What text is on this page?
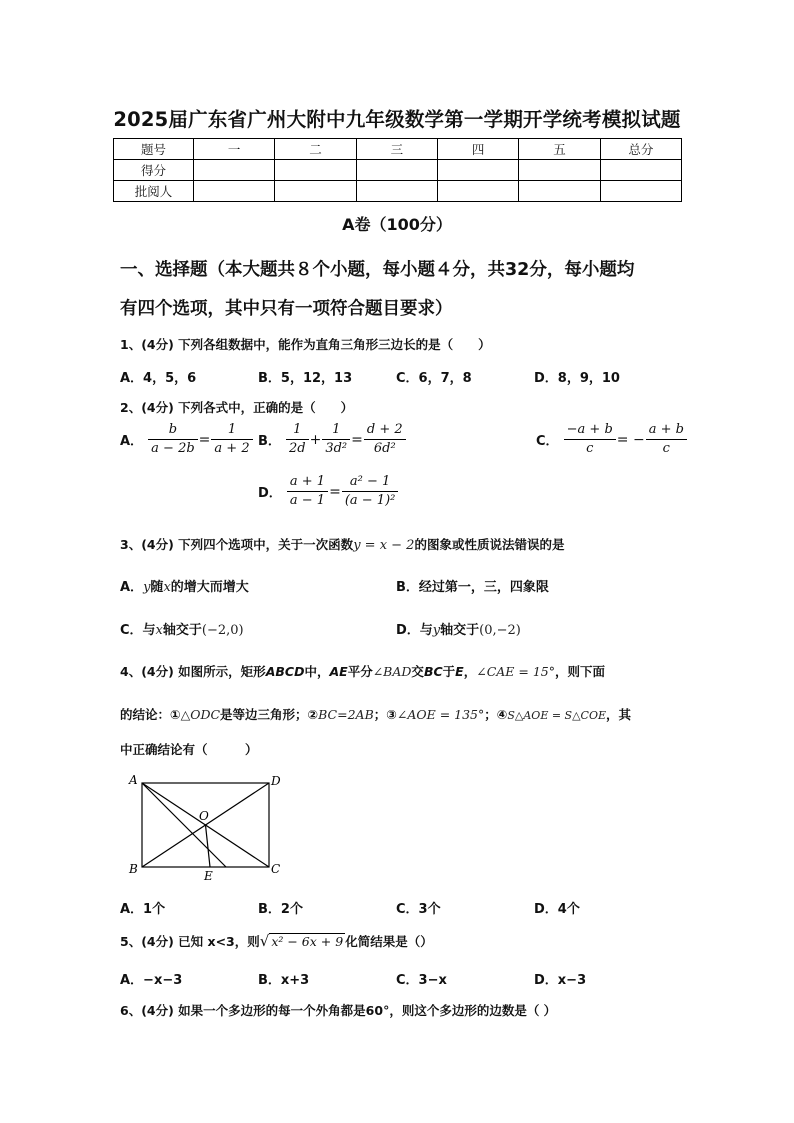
2025届广东省广州大附中九年级数学第一学期开学统考模拟试题
题号	一	二	三	四	五	总分
得分						
批阅人						
A卷（100分）
一、选择题（本大题共８个小题，每小题４分，共32分，每小题均
有四个选项，其中只有一项符合题目要求）
1、(4分) 下列各组数据中，能作为直角三角形三边长的是（　　）
A．4，5，6	B．5，12，13	C．6，7，8	D．8，9，10
2、(4分) 下列各式中，正确的是（　　）
A． $\frac{b}{a - 2b} = \frac{1}{a + 2}$ B． $\frac{1}{2d} + \frac{1}{\text{3d²}} = \frac{d + 2}{\text{6d²}}$	C． $\frac{-a + b}{c}$ = − $\frac{a + b}{c}$
D． $\frac{a + 1}{a - 1} = \frac{\text{a² − 1}}{\text{(a − 1)²}}$
3、(4分) 下列四个选项中，关于一次函数y = x − 2的图象或性质说法错误的是
A．y随x的增大而增大	B．经过第一，三，四象限
C．与x轴交于(−2,0)	D．与y轴交于(0,−2)
4、(4分) 如图所示，矩形ABCD中，AE平分∠BAD交BC于E，∠CAE = 15°，则下面
的结论：①△ODC是等边三角形；②BC=2AB；③∠AOE = 135°；④S△AOE = S△COE，其
中正确结论有（　　　）
A	D
O
B	E	C
A．1个	B．2个	C．3个	D．4个
5、(4分) 已知 x<3，则√ x² − 6x + 9 化简结果是（）
A．−x−3	B．x+3	C．3−x	D．x−3
6、(4分) 如果一个多边形的每一个外角都是60°，则这个多边形的边数是（ ）
